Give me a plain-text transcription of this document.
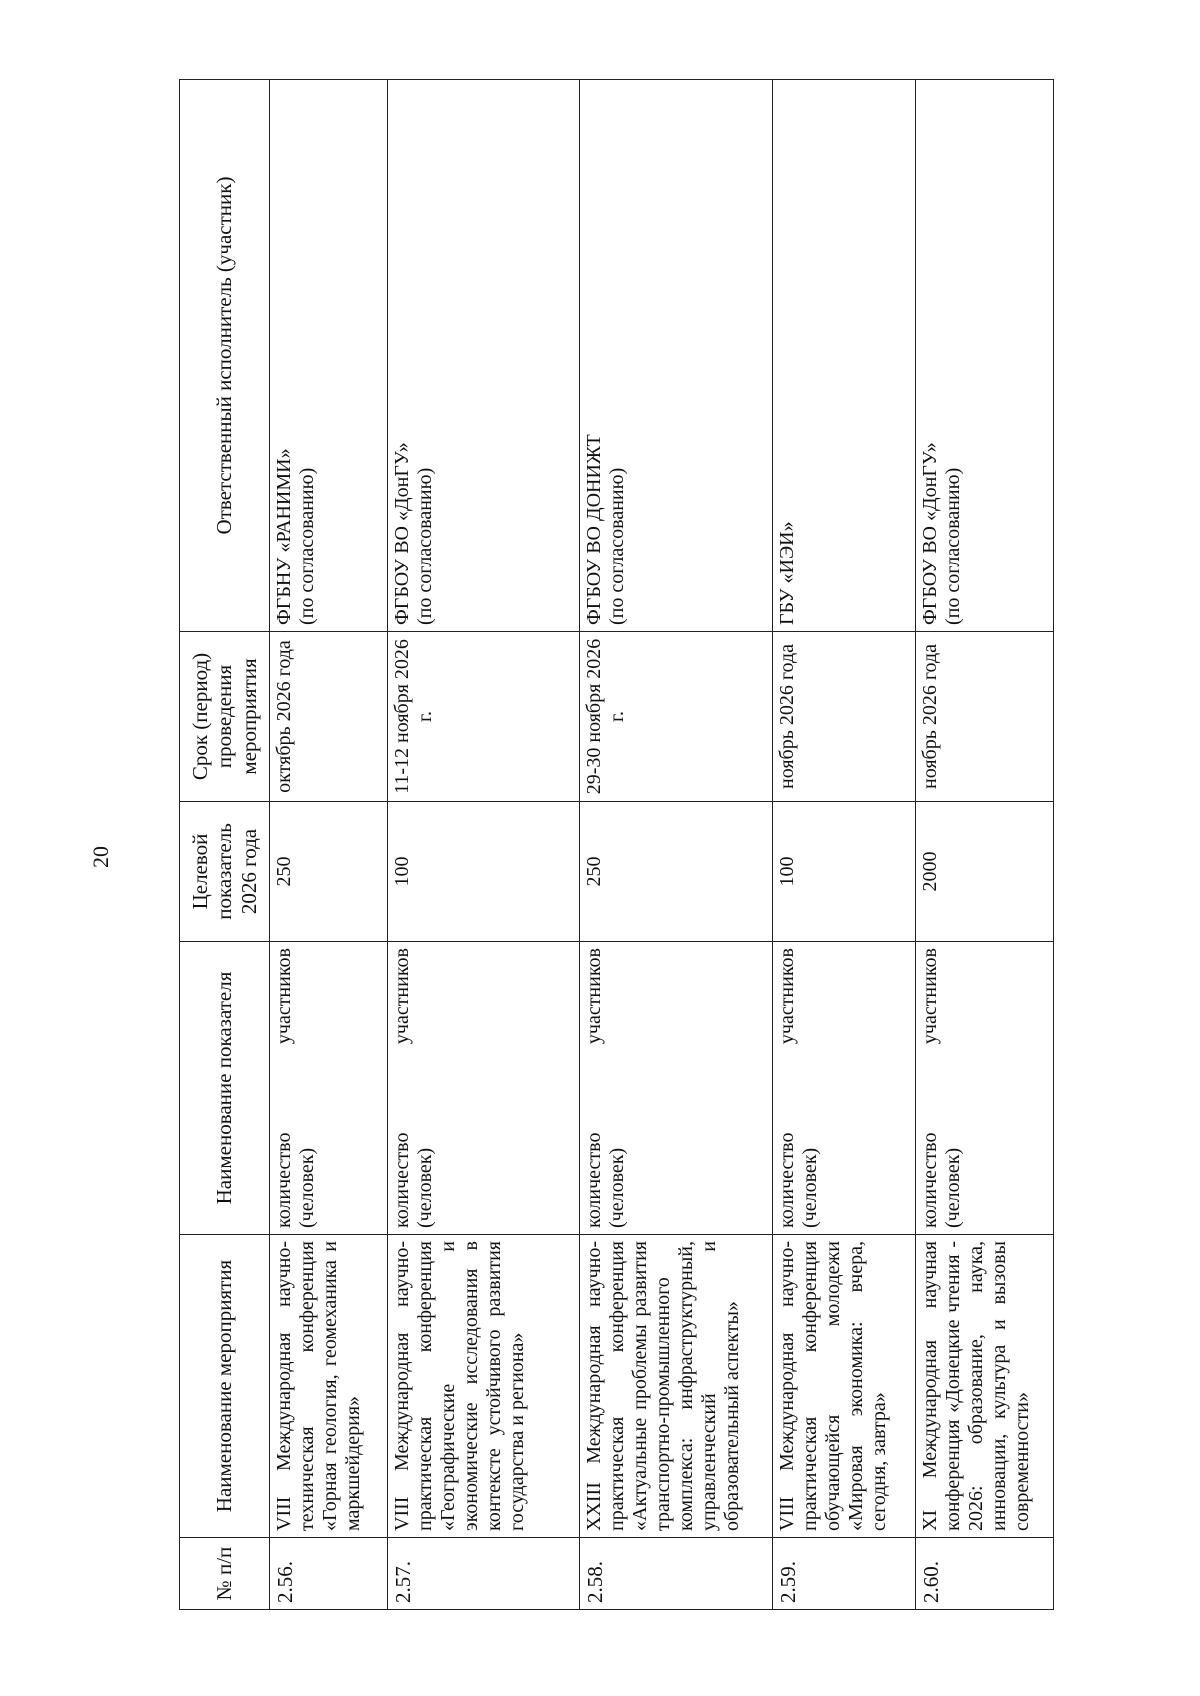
20
№ п/п	Наименование мероприятия	Наименование показателя	Целевой показатель 2026 года	Срок (период) проведения мероприятия	Ответственный исполнитель (участник)
2.56.	VIII Международная научно-техническая конференция «Горная геология, геомеханика и маркшейдерия»	количество участников (человек)	250	октябрь 2026 года	ФГБНУ «РАНИМИ» (по согласованию)

2.57.	VIII Международная научно-практическая конференция «Географические и экономические исследования в контексте устойчивого развития государства и региона»	количество участников (человек)	100	11-12 ноября 2026 г.	ФГБОУ ВО «ДонГУ» (по согласованию)

2.58.	XXIII Международная научно-практическая конференция «Актуальные проблемы развития транспортно-промышленного комплекса: инфраструктурный, управленческий и образовательный аспекты»	количество участников (человек)	250	29-30 ноября 2026 г.	ФГБОУ ВО ДОНИЖТ (по согласованию)

2.59.	VIII Международная научно-практическая конференция обучающейся молодежи «Мировая экономика: вчера, сегодня, завтра»	количество участников (человек)	100	ноябрь 2026 года	ГБУ «ИЭИ»

2.60.	XI Международная научная конференция «Донецкие чтения - 2026: образование, наука, инновации, культура и вызовы современности»	количество участников (человек)	2000	ноябрь 2026 года	ФГБОУ ВО «ДонГУ» (по согласованию)
